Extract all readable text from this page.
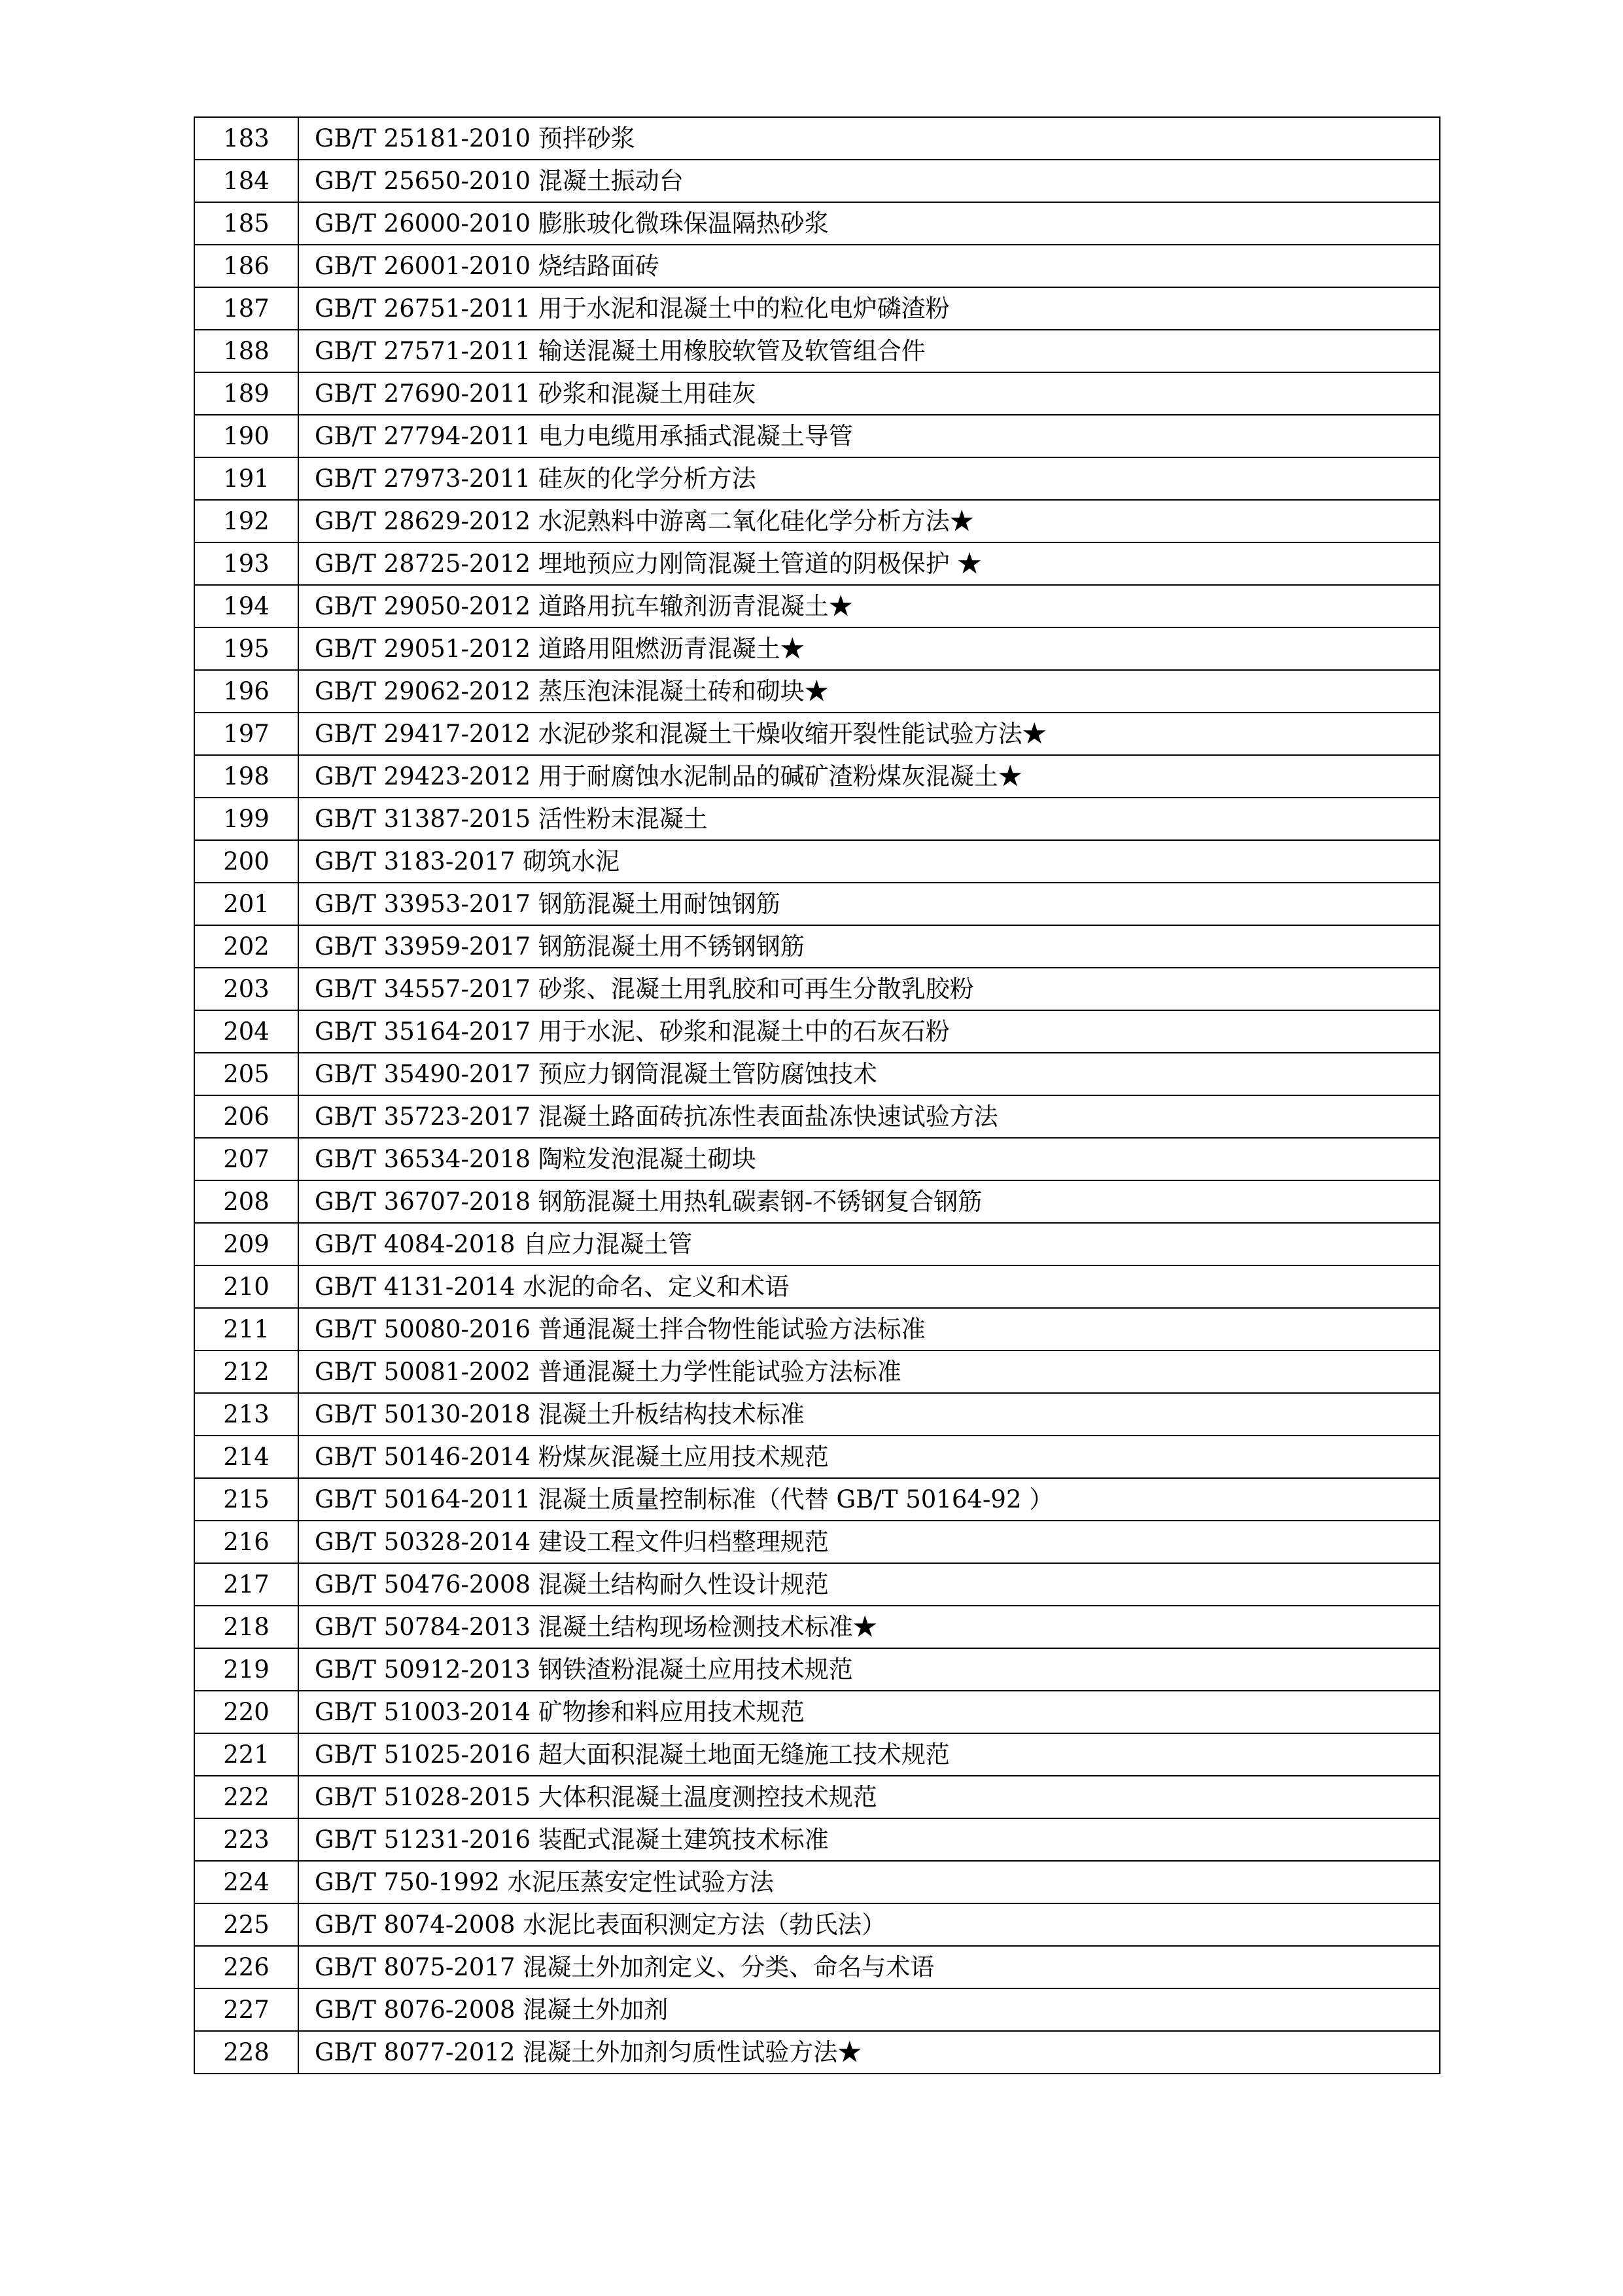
183	GB/T 25181-2010 预拌砂浆
184	GB/T 25650-2010 混凝土振动台
185	GB/T 26000-2010 膨胀玻化微珠保温隔热砂浆
186	GB/T 26001-2010 烧结路面砖
187	GB/T 26751-2011 用于水泥和混凝土中的粒化电炉磷渣粉
188	GB/T 27571-2011 输送混凝土用橡胶软管及软管组合件
189	GB/T 27690-2011 砂浆和混凝土用硅灰
190	GB/T 27794-2011 电力电缆用承插式混凝土导管
191	GB/T 27973-2011 硅灰的化学分析方法
192	GB/T 28629-2012 水泥熟料中游离二氧化硅化学分析方法★
193	GB/T 28725-2012 埋地预应力刚筒混凝土管道的阴极保护 ★
194	GB/T 29050-2012 道路用抗车辙剂沥青混凝土★
195	GB/T 29051-2012 道路用阻燃沥青混凝土★
196	GB/T 29062-2012 蒸压泡沫混凝土砖和砌块★
197	GB/T 29417-2012 水泥砂浆和混凝土干燥收缩开裂性能试验方法★
198	GB/T 29423-2012 用于耐腐蚀水泥制品的碱矿渣粉煤灰混凝土★
199	GB/T 31387-2015 活性粉末混凝土
200	GB/T 3183-2017 砌筑水泥
201	GB/T 33953-2017 钢筋混凝土用耐蚀钢筋
202	GB/T 33959-2017 钢筋混凝土用不锈钢钢筋
203	GB/T 34557-2017 砂浆、混凝土用乳胶和可再生分散乳胶粉
204	GB/T 35164-2017 用于水泥、砂浆和混凝土中的石灰石粉
205	GB/T 35490-2017 预应力钢筒混凝土管防腐蚀技术
206	GB/T 35723-2017 混凝土路面砖抗冻性表面盐冻快速试验方法
207	GB/T 36534-2018 陶粒发泡混凝土砌块
208	GB/T 36707-2018 钢筋混凝土用热轧碳素钢-不锈钢复合钢筋
209	GB/T 4084-2018 自应力混凝土管
210	GB/T 4131-2014 水泥的命名、定义和术语
211	GB/T 50080-2016 普通混凝土拌合物性能试验方法标准
212	GB/T 50081-2002 普通混凝土力学性能试验方法标准
213	GB/T 50130-2018 混凝土升板结构技术标准
214	GB/T 50146-2014 粉煤灰混凝土应用技术规范
215	GB/T 50164-2011 混凝土质量控制标准（代替 GB/T 50164-92 ）
216	GB/T 50328-2014 建设工程文件归档整理规范
217	GB/T 50476-2008 混凝土结构耐久性设计规范
218	GB/T 50784-2013 混凝土结构现场检测技术标准★
219	GB/T 50912-2013 钢铁渣粉混凝土应用技术规范
220	GB/T 51003-2014 矿物掺和料应用技术规范
221	GB/T 51025-2016 超大面积混凝土地面无缝施工技术规范
222	GB/T 51028-2015 大体积混凝土温度测控技术规范
223	GB/T 51231-2016 装配式混凝土建筑技术标准
224	GB/T 750-1992 水泥压蒸安定性试验方法
225	GB/T 8074-2008 水泥比表面积测定方法（勃氏法）
226	GB/T 8075-2017 混凝土外加剂定义、分类、命名与术语
227	GB/T 8076-2008 混凝土外加剂
228	GB/T 8077-2012 混凝土外加剂匀质性试验方法★
